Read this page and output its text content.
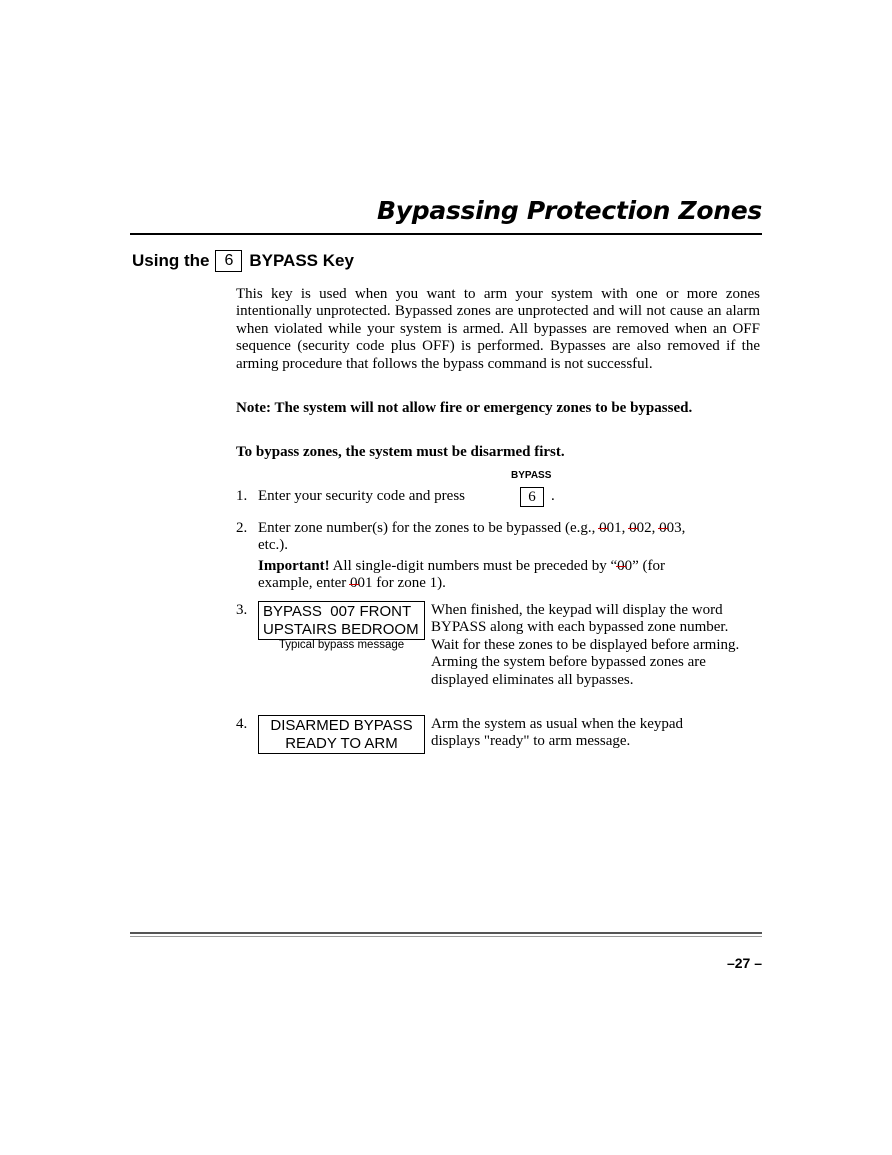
Bypassing Protection Zones
Using the 6 BYPASS Key

This key is used when you want to arm your system with one or more zones intentionally unprotected. Bypassed zones are unprotected and will not cause an alarm when violated while your system is armed. All bypasses are removed when an OFF sequence (security code plus OFF) is performed. Bypasses are also removed if the arming procedure that follows the bypass command is not successful.

Note: The system will not allow fire or emergency zones to be bypassed.

To bypass zones, the system must be disarmed first.

BYPASS
1. Enter your security code and press	6	.
2. Enter zone number(s) for the zones to be bypassed (e.g., 001, 002, 003,
etc.).
Important! All single-digit numbers must be preceded by “00” (for
example, enter 001 for zone 1).
3. BYPASS  007 FRONT
UPSTAIRS BEDROOM
Typical bypass message

When finished, the keypad will display the word BYPASS along with each bypassed zone number. Wait for these zones to be displayed before arming. Arming the system before bypassed zones are displayed eliminates all bypasses.

4.	DISARMED BYPASS
READY TO ARM

Arm the system as usual when the keypad displays "ready" to arm message.

–27 –
